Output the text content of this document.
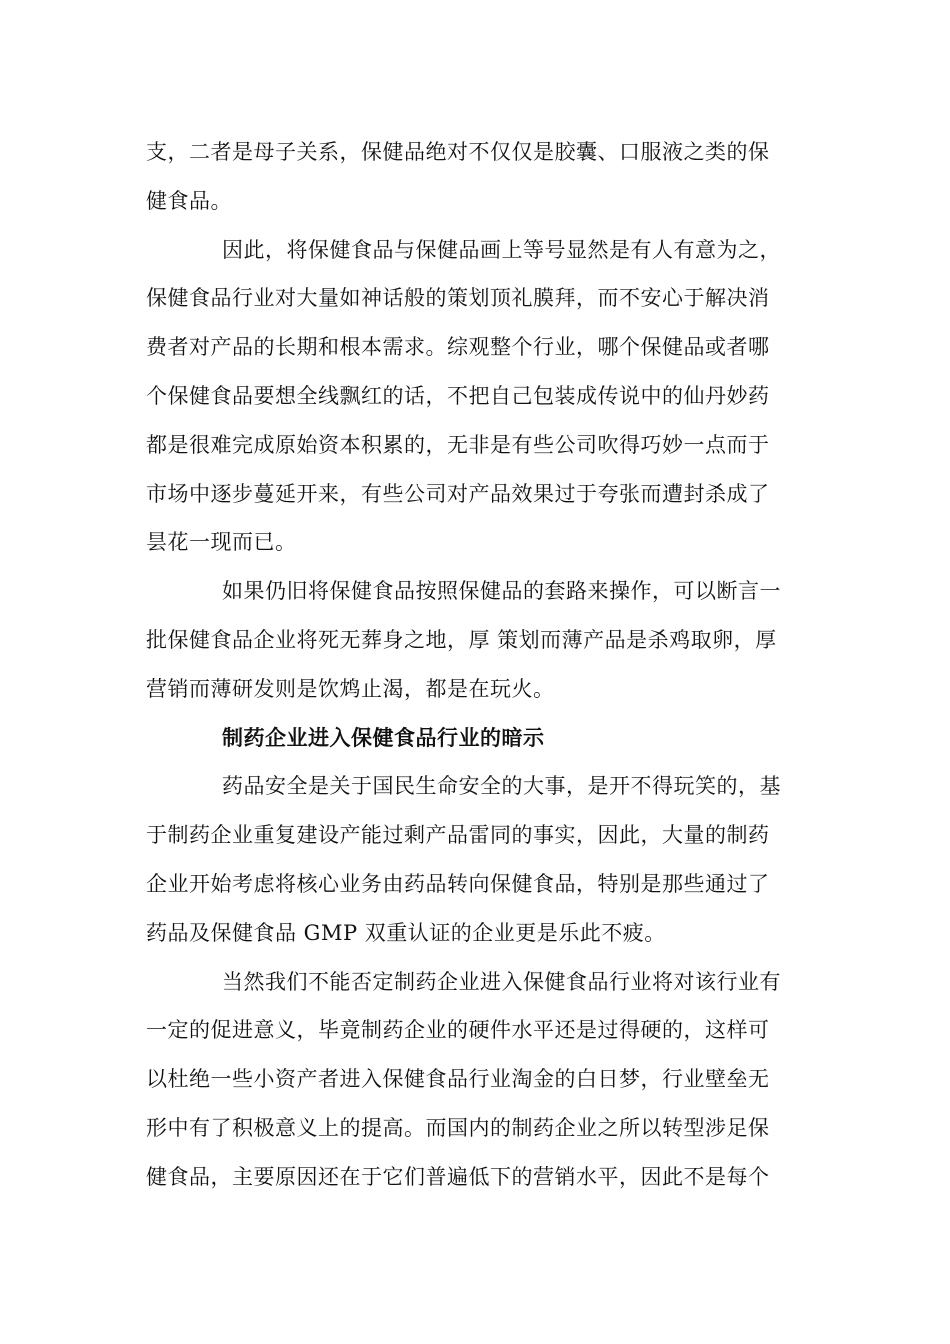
支，二者是母子关系，保健品绝对不仅仅是胶囊、口服液之类的保
健食品。
因此，将保健食品与保健品画上等号显然是有人有意为之，
保健食品行业对大量如神话般的策划顶礼膜拜，而不安心于解决消
费者对产品的长期和根本需求。综观整个行业，哪个保健品或者哪
个保健食品要想全线飘红的话，不把自己包装成传说中的仙丹妙药
都是很难完成原始资本积累的，无非是有些公司吹得巧妙一点而于
市场中逐步蔓延开来，有些公司对产品效果过于夸张而遭封杀成了
昙花一现而已。
如果仍旧将保健食品按照保健品的套路来操作，可以断言一
批保健食品企业将死无葬身之地，厚 策划而薄产品是杀鸡取卵，厚
营销而薄研发则是饮鸩止渴，都是在玩火。
制药企业进入保健食品行业的暗示
药品安全是关于国民生命安全的大事，是开不得玩笑的，基
于制药企业重复建设产能过剩产品雷同的事实，因此，大量的制药
企业开始考虑将核心业务由药品转向保健食品，特别是那些通过了
药品及保健食品 GMP 双重认证的企业更是乐此不疲。
当然我们不能否定制药企业进入保健食品行业将对该行业有
一定的促进意义，毕竟制药企业的硬件水平还是过得硬的，这样可
以杜绝一些小资产者进入保健食品行业淘金的白日梦，行业壁垒无
形中有了积极意义上的提高。而国内的制药企业之所以转型涉足保
健食品，主要原因还在于它们普遍低下的营销水平，因此不是每个
